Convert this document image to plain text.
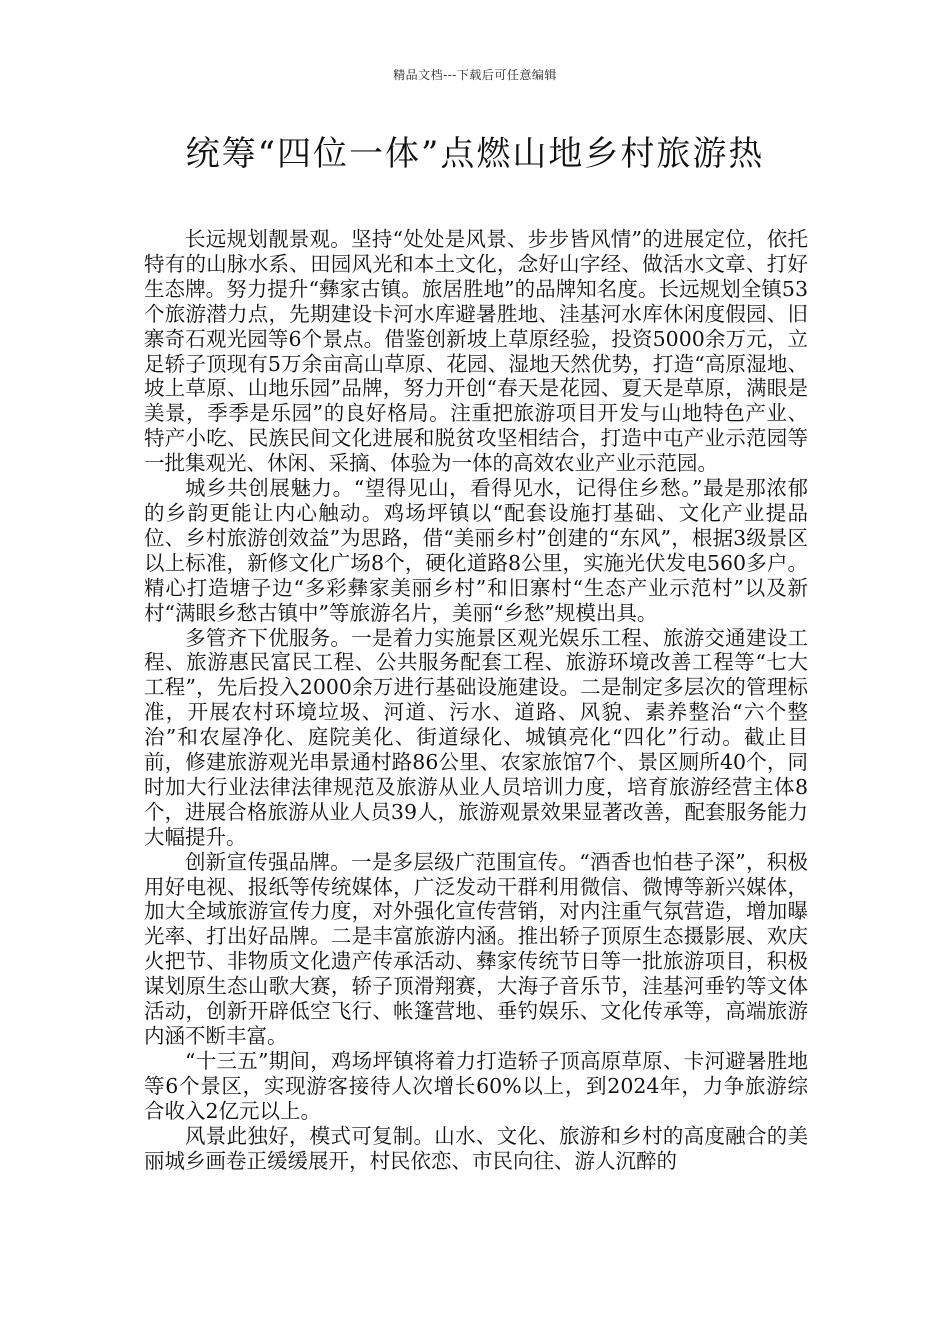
精品文档---下载后可任意编辑
统筹“四位一体”点燃山地乡村旅游热

长远规划靓景观。坚持“处处是风景、步步皆风情”的进展定位，依托特有的山脉水系、田园风光和本土文化，念好山字经、做活水文章、打好生态牌。努力提升“彝家古镇。旅居胜地”的品牌知名度。长远规划全镇53个旅游潜力点，先期建设卡河水库避暑胜地、洼基河水库休闲度假园、旧寨奇石观光园等6个景点。借鉴创新坡上草原经验，投资5000余万元，立足轿子顶现有5万余亩高山草原、花园、湿地天然优势，打造“高原湿地、坡上草原、山地乐园”品牌，努力开创“春天是花园、夏天是草原，满眼是美景，季季是乐园”的良好格局。注重把旅游项目开发与山地特色产业、特产小吃、民族民间文化进展和脱贫攻坚相结合，打造中屯产业示范园等一批集观光、休闲、采摘、体验为一体的高效农业产业示范园。

城乡共创展魅力。“望得见山，看得见水，记得住乡愁。”最是那浓郁的乡韵更能让内心触动。鸡场坪镇以“配套设施打基础、文化产业提品位、乡村旅游创效益”为思路，借“美丽乡村”创建的“东风”，根据3级景区以上标准，新修文化广场8个，硬化道路8公里，实施光伏发电560多户。精心打造塘子边“多彩彝家美丽乡村”和旧寨村“生态产业示范村”以及新村“满眼乡愁古镇中”等旅游名片，美丽“乡愁”规模出具。

多管齐下优服务。一是着力实施景区观光娱乐工程、旅游交通建设工程、旅游惠民富民工程、公共服务配套工程、旅游环境改善工程等“七大工程”，先后投入2000余万进行基础设施建设。二是制定多层次的管理标准，开展农村环境垃圾、河道、污水、道路、风貌、素养整治“六个整治”和农屋净化、庭院美化、街道绿化、城镇亮化“四化”行动。截止目前，修建旅游观光串景通村路86公里、农家旅馆7个、景区厕所40个，同时加大行业法律法律规范及旅游从业人员培训力度，培育旅游经营主体8个，进展合格旅游从业人员39人，旅游观景效果显著改善，配套服务能力大幅提升。

创新宣传强品牌。一是多层级广范围宣传。“酒香也怕巷子深”，积极用好电视、报纸等传统媒体，广泛发动干群利用微信、微博等新兴媒体，加大全域旅游宣传力度，对外强化宣传营销，对内注重气氛营造，增加曝光率、打出好品牌。二是丰富旅游内涵。推出轿子顶原生态摄影展、欢庆火把节、非物质文化遗产传承活动、彝家传统节日等一批旅游项目，积极谋划原生态山歌大赛，轿子顶滑翔赛，大海子音乐节，洼基河垂钓等文体活动，创新开辟低空飞行、帐篷营地、垂钓娱乐、文化传承等，高端旅游内涵不断丰富。

“十三五”期间，鸡场坪镇将着力打造轿子顶高原草原、卡河避暑胜地等6个景区，实现游客接待人次增长60%以上，到2024年，力争旅游综合收入2亿元以上。

风景此独好，模式可复制。山水、文化、旅游和乡村的高度融合的美丽城乡画卷正缓缓展开，村民依恋、市民向往、游人沉醉的
